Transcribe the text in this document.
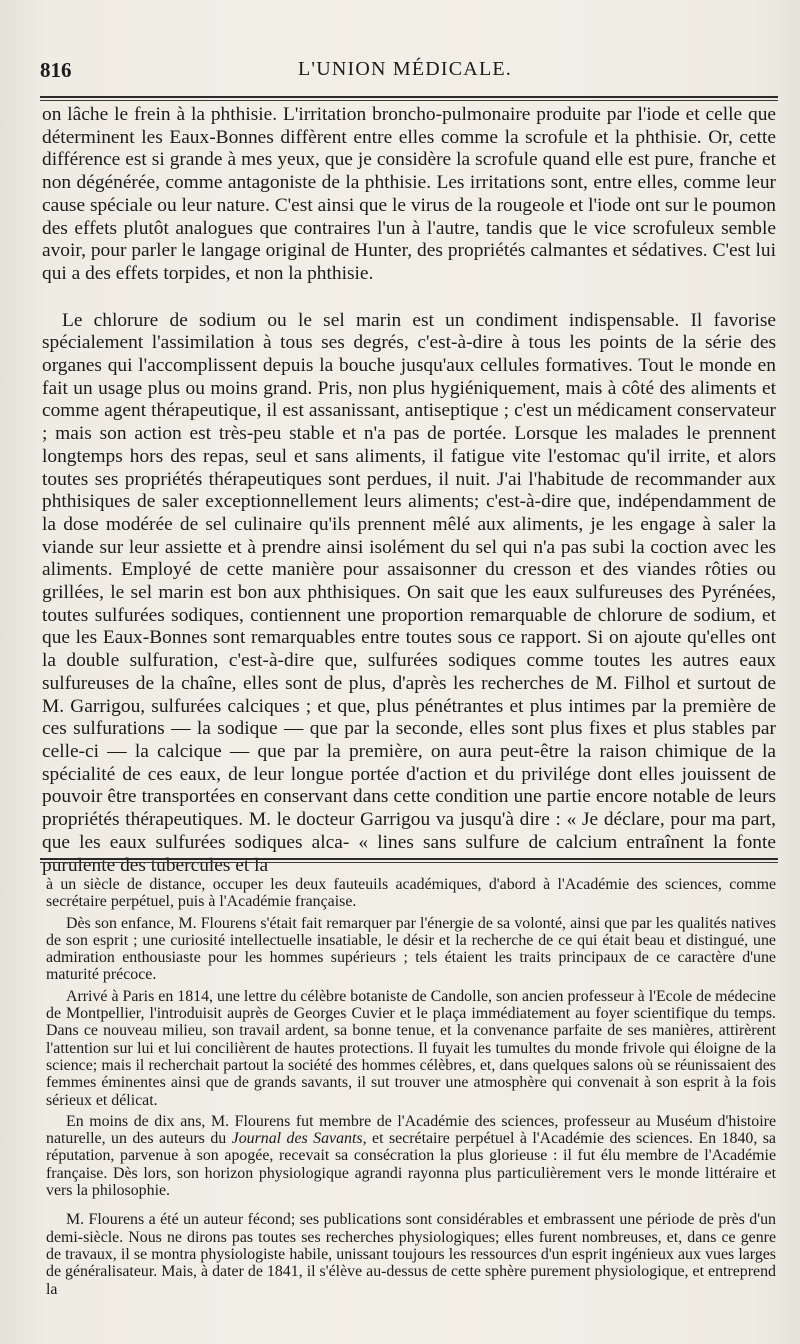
816	L'UNION MÉDICALE.

on lâche le frein à la phthisie. L'irritation broncho-pulmonaire produite par l'iode et celle que déterminent les Eaux-Bonnes diffèrent entre elles comme la scrofule et la phthisie. Or, cette différence est si grande à mes yeux, que je considère la scrofule quand elle est pure, franche et non dégénérée, comme antagoniste de la phthisie. Les irritations sont, entre elles, comme leur cause spéciale ou leur nature. C'est ainsi que le virus de la rougeole et l'iode ont sur le poumon des effets plutôt analogues que contraires l'un à l'autre, tandis que le vice scrofuleux semble avoir, pour parler le langage original de Hunter, des propriétés calmantes et sédatives. C'est lui qui a des effets torpides, et non la phthisie.

Le chlorure de sodium ou le sel marin est un condiment indispensable. Il favorise spécialement l'assimilation à tous ses degrés, c'est-à-dire à tous les points de la série des organes qui l'accomplissent depuis la bouche jusqu'aux cellules formatives. Tout le monde en fait un usage plus ou moins grand. Pris, non plus hygiéniquement, mais à côté des aliments et comme agent thérapeutique, il est assanissant, antiseptique ; c'est un médicament conservateur ; mais son action est très-peu stable et n'a pas de portée. Lorsque les malades le prennent longtemps hors des repas, seul et sans aliments, il fatigue vite l'estomac qu'il irrite, et alors toutes ses propriétés thérapeutiques sont perdues, il nuit. J'ai l'habitude de recommander aux phthisiques de saler exceptionnellement leurs aliments; c'est-à-dire que, indépendamment de la dose modérée de sel culinaire qu'ils prennent mêlé aux aliments, je les engage à saler la viande sur leur assiette et à prendre ainsi isolément du sel qui n'a pas subi la coction avec les aliments. Employé de cette manière pour assaisonner du cresson et des viandes rôties ou grillées, le sel marin est bon aux phthisiques. On sait que les eaux sulfureuses des Pyrénées, toutes sulfurées sodiques, contiennent une proportion remarquable de chlorure de sodium, et que les Eaux-Bonnes sont remarquables entre toutes sous ce rapport. Si on ajoute qu'elles ont la double sulfuration, c'est-à-dire que, sulfurées sodiques comme toutes les autres eaux sulfureuses de la chaîne, elles sont de plus, d'après les recherches de M. Filhol et surtout de M. Garrigou, sulfurées calciques ; et que, plus pénétrantes et plus intimes par la première de ces sulfurations — la sodique — que par la seconde, elles sont plus fixes et plus stables par celle-ci — la calcique — que par la première, on aura peut-être la raison chimique de la spécialité de ces eaux, de leur longue portée d'action et du privilége dont elles jouissent de pouvoir être transportées en conservant dans cette condition une partie encore notable de leurs propriétés thérapeutiques. M. le docteur Garrigou va jusqu'à dire : « Je déclare, pour ma part, que les eaux sulfurées sodiques alca- « lines sans sulfure de calcium entraînent la fonte purulente des tubercules et la

à un siècle de distance, occuper les deux fauteuils académiques, d'abord à l'Académie des sciences, comme secrétaire perpétuel, puis à l'Académie française.

Dès son enfance, M. Flourens s'était fait remarquer par l'énergie de sa volonté, ainsi que par les qualités natives de son esprit ; une curiosité intellectuelle insatiable, le désir et la recherche de ce qui était beau et distingué, une admiration enthousiaste pour les hommes supérieurs ; tels étaient les traits principaux de ce caractère d'une maturité précoce.

Arrivé à Paris en 1814, une lettre du célèbre botaniste de Candolle, son ancien professeur à l'Ecole de médecine de Montpellier, l'introduisit auprès de Georges Cuvier et le plaça immédiatement au foyer scientifique du temps. Dans ce nouveau milieu, son travail ardent, sa bonne tenue, et la convenance parfaite de ses manières, attirèrent l'attention sur lui et lui concilièrent de hautes protections. Il fuyait les tumultes du monde frivole qui éloigne de la science; mais il recherchait partout la société des hommes célèbres, et, dans quelques salons où se réunissaient des femmes éminentes ainsi que de grands savants, il sut trouver une atmosphère qui convenait à son esprit à la fois sérieux et délicat.

En moins de dix ans, M. Flourens fut membre de l'Académie des sciences, professeur au Muséum d'histoire naturelle, un des auteurs du Journal des Savants, et secrétaire perpétuel à l'Académie des sciences. En 1840, sa réputation, parvenue à son apogée, recevait sa consécration la plus glorieuse : il fut élu membre de l'Académie française. Dès lors, son horizon physiologique agrandi rayonna plus particulièrement vers le monde littéraire et vers la philosophie.

M. Flourens a été un auteur fécond; ses publications sont considérables et embrassent une période de près d'un demi-siècle. Nous ne dirons pas toutes ses recherches physiologiques; elles furent nombreuses, et, dans ce genre de travaux, il se montra physiologiste habile, unissant toujours les ressources d'un esprit ingénieux aux vues larges de généralisateur. Mais, à dater de 1841, il s'élève au-dessus de cette sphère purement physiologique, et entreprend la
